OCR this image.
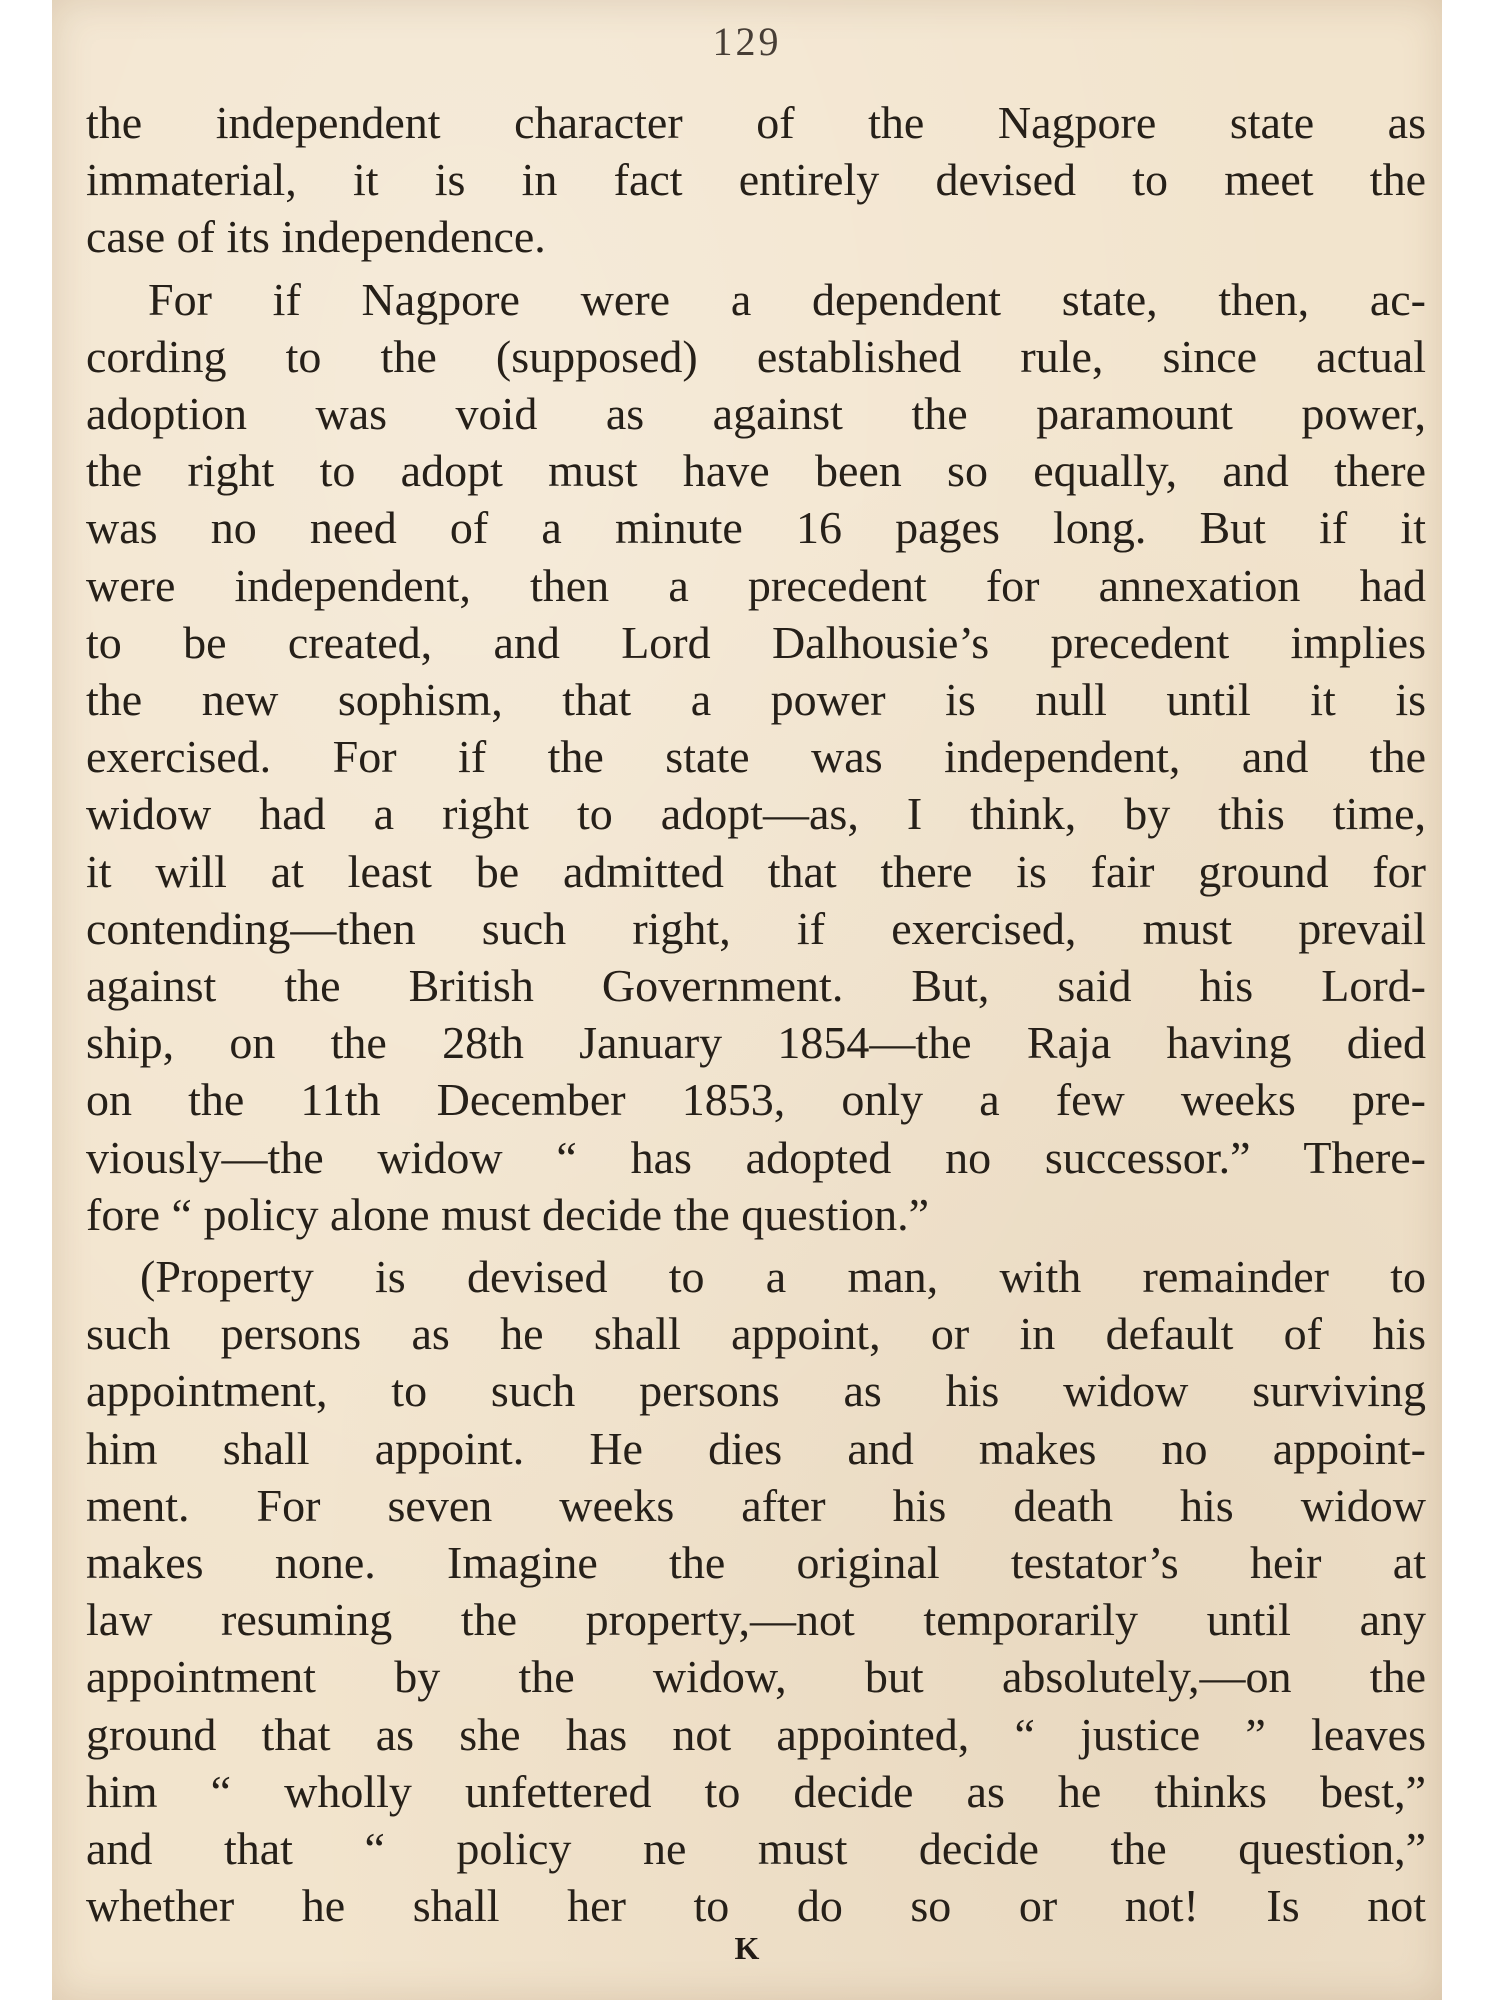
129
the independent character of the Nagpore state as
immaterial, it is in fact entirely devised to meet the
case of its independence.
For if Nagpore were a dependent state, then, ac-
cording to the (supposed) established rule, since actual
adoption was void as against the paramount power,
the right to adopt must have been so equally, and there
was no need of a minute 16 pages long. But if it
were independent, then a precedent for annexation had
to be created, and Lord Dalhousie’s precedent implies
the new sophism, that a power is null until it is
exercised. For if the state was independent, and the
widow had a right to adopt—as, I think, by this time,
it will at least be admitted that there is fair ground for
contending—then such right, if exercised, must prevail
against the British Government. But, said his Lord-
ship, on the 28th January 1854—the Raja having died
on the 11th December 1853, only a few weeks pre-
viously—the widow “ has adopted no successor.” There-
fore “ policy alone must decide the question.”
(Property is devised to a man, with remainder to
such persons as he shall appoint, or in default of his
appointment, to such persons as his widow surviving
him shall appoint. He dies and makes no appoint-
ment. For seven weeks after his death his widow
makes none. Imagine the original testator’s heir at
law resuming the property,—not temporarily until any
appointment by the widow, but absolutely,—on the
ground that as she has not appointed, “ justice ” leaves
him “ wholly unfettered to decide as he thinks best,”
and that “ policy ne must decide the question,”
whether he shall her to do so or not! Is not
K
